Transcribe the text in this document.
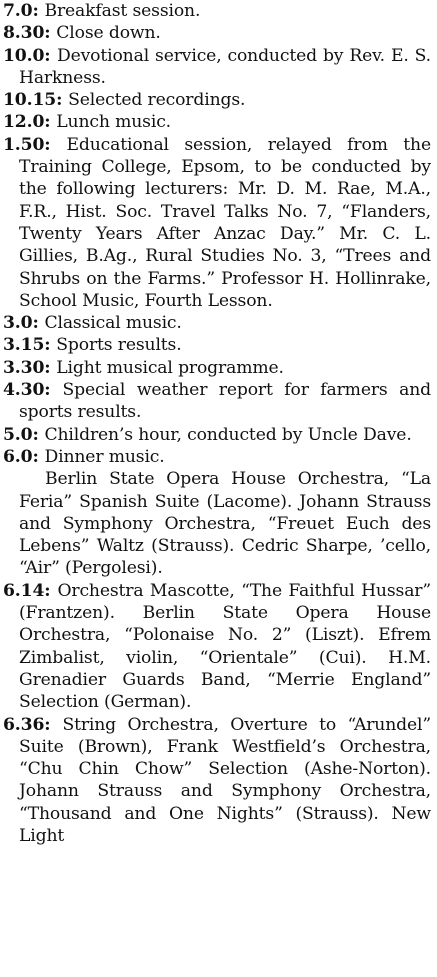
7.0 : Breakfast session.

8.30 : Close down.

10.0 : Devotional service, conducted by Rev. E. S. Harkness.

10.15 : Selected recordings.

12.0 : Lunch music.

1.50 : Educational session, relayed from the Training College, Epsom, to be conducted by the following lecturers: Mr. D. M. Rae, M.A., F.R., Hist. Soc. Travel Talks No. 7, “Flanders, Twenty Years After Anzac Day.” Mr. C. L. Gillies, B.Ag., Rural Studies No. 3, “Trees and Shrubs on the Farms.” Professor H. Hollinrake, School Music, Fourth Lesson.

3.0 : Classical music.

3.15 : Sports results.

3.30 : Light musical programme.

4.30 : Special weather report for farmers and sports results.

5.0 : Children’s hour, conducted by Uncle Dave.

6.0 : Dinner music.

Berlin State Opera House Orchestra, “La Feria” Spanish Suite (Lacome). Johann Strauss and Symphony Orchestra, “Freuet Euch des Lebens” Waltz (Strauss). Cedric Sharpe, ’cello, “Air” (Pergolesi).

6.14 : Orchestra Mascotte, “The Faithful Hussar” (Frantzen). Berlin State Opera House Orchestra, “Polonaise No. 2” (Liszt). Efrem Zimbalist, violin, “Orientale” (Cui). H.M. Grenadier Guards Band, “Merrie England” Selection (German).

6.36 : String Orchestra, Overture to “Arundel” Suite (Brown), Frank Westfield’s Orchestra, “Chu Chin Chow” Selection (Ashe-Norton). Johann Strauss and Symphony Orchestra, “Thousand and One Nights” (Strauss). New Light
